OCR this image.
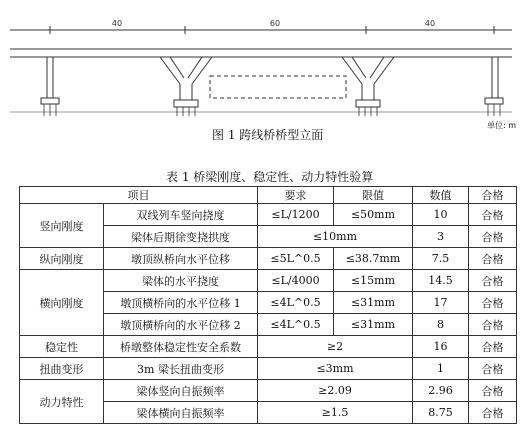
40	60	40
单位: m
图 1 跨线桥桥型立面
表 1 桥梁刚度、稳定性、动力特性验算
项目		要求	限值	数值	合格
竖向刚度	双线列车竖向挠度	≤L/1200	≤50mm	10	合格
	梁体后期徐变挠拱度	≤10mm		3	合格
纵向刚度	墩顶纵桥向水平位移	≤5L^0.5	≤38.7mm	7.5	合格
横向刚度	梁体的水平挠度	≤L/4000	≤15mm	14.5	合格
	墩顶横桥向的水平位移 1	≤4L^0.5	≤31mm	17	合格
	墩顶横桥向的水平位移 2	≤4L^0.5	≤31mm	8	合格
稳定性	桥墩整体稳定性安全系数	≥2		16	合格
扭曲变形	3m 梁长扭曲变形	≤3mm		1	合格
动力特性	梁体竖向自振频率	≥2.09		2.96	合格
	梁体横向自振频率	≥1.5		8.75	合格
